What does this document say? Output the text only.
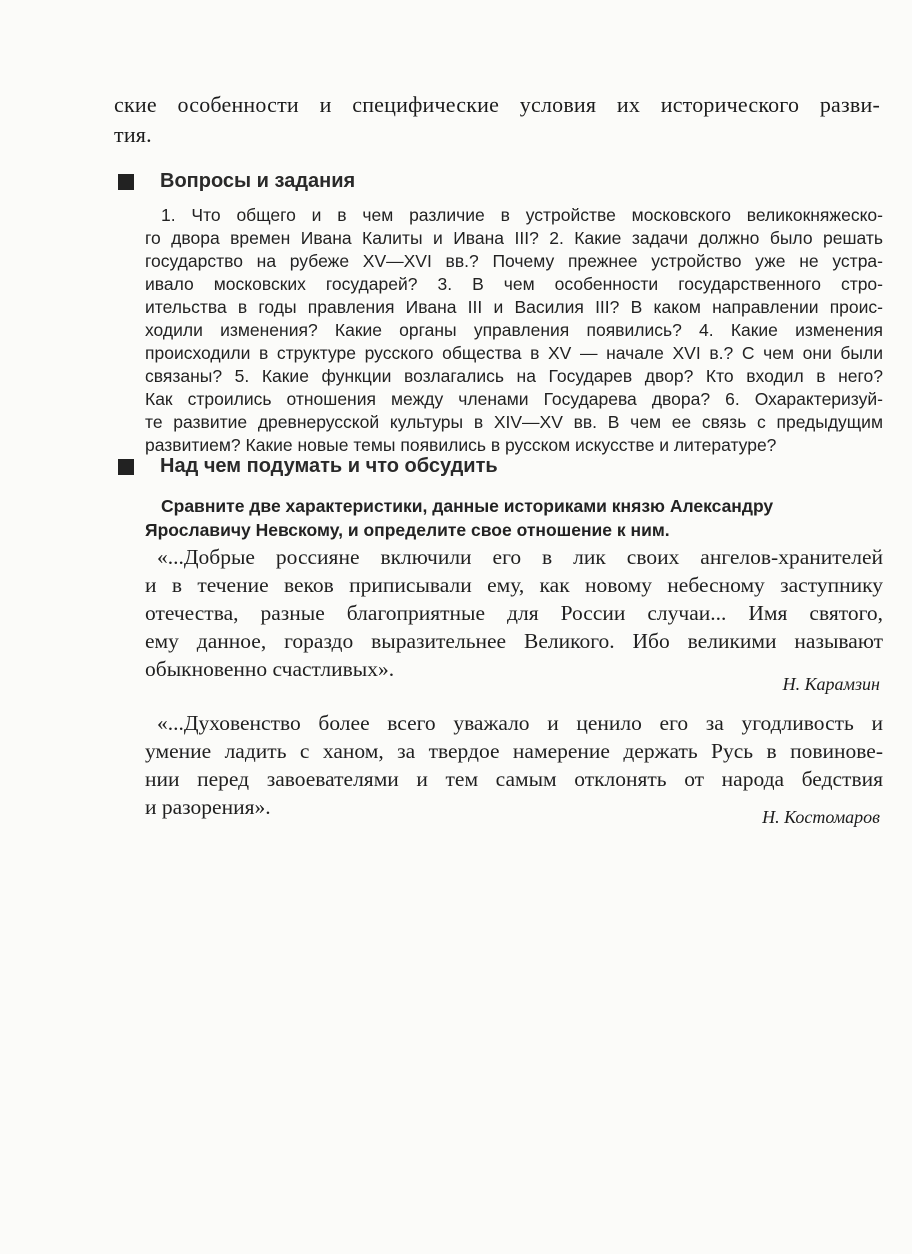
ские особенности и специфические условия их исторического разви-
тия.
Вопросы и задания
1. Что общего и в чем различие в устройстве московского великокняжеско-
го двора времен Ивана Калиты и Ивана III? 2. Какие задачи должно было решать
государство на рубеже XV—XVI вв.? Почему прежнее устройство уже не устра-
ивало московских государей? 3. В чем особенности государственного стро-
ительства в годы правления Ивана III и Василия III? В каком направлении проис-
ходили изменения? Какие органы управления появились? 4. Какие изменения
происходили в структуре русского общества в XV — начале XVI в.? С чем они были
связаны? 5. Какие функции возлагались на Государев двор? Кто входил в него?
Как строились отношения между членами Государева двора? 6. Охарактеризуй-
те развитие древнерусской культуры в XIV—XV вв. В чем ее связь с предыдущим
развитием? Какие новые темы появились в русском искусстве и литературе?
Над чем подумать и что обсудить
Сравните две характеристики, данные историками князю Александру
Ярославичу Невскому, и определите свое отношение к ним.
«...Добрые россияне включили его в лик своих ангелов-хранителей
и в течение веков приписывали ему, как новому небесному заступнику
отечества, разные благоприятные для России случаи... Имя святого,
ему данное, гораздо выразительнее Великого. Ибо великими называют
обыкновенно счастливых».
Н. Карамзин
«...Духовенство более всего уважало и ценило его за угодливость и
умение ладить с ханом, за твердое намерение держать Русь в повинове-
нии перед завоевателями и тем самым отклонять от народа бедствия
и разорения».	Н. Костомаров
